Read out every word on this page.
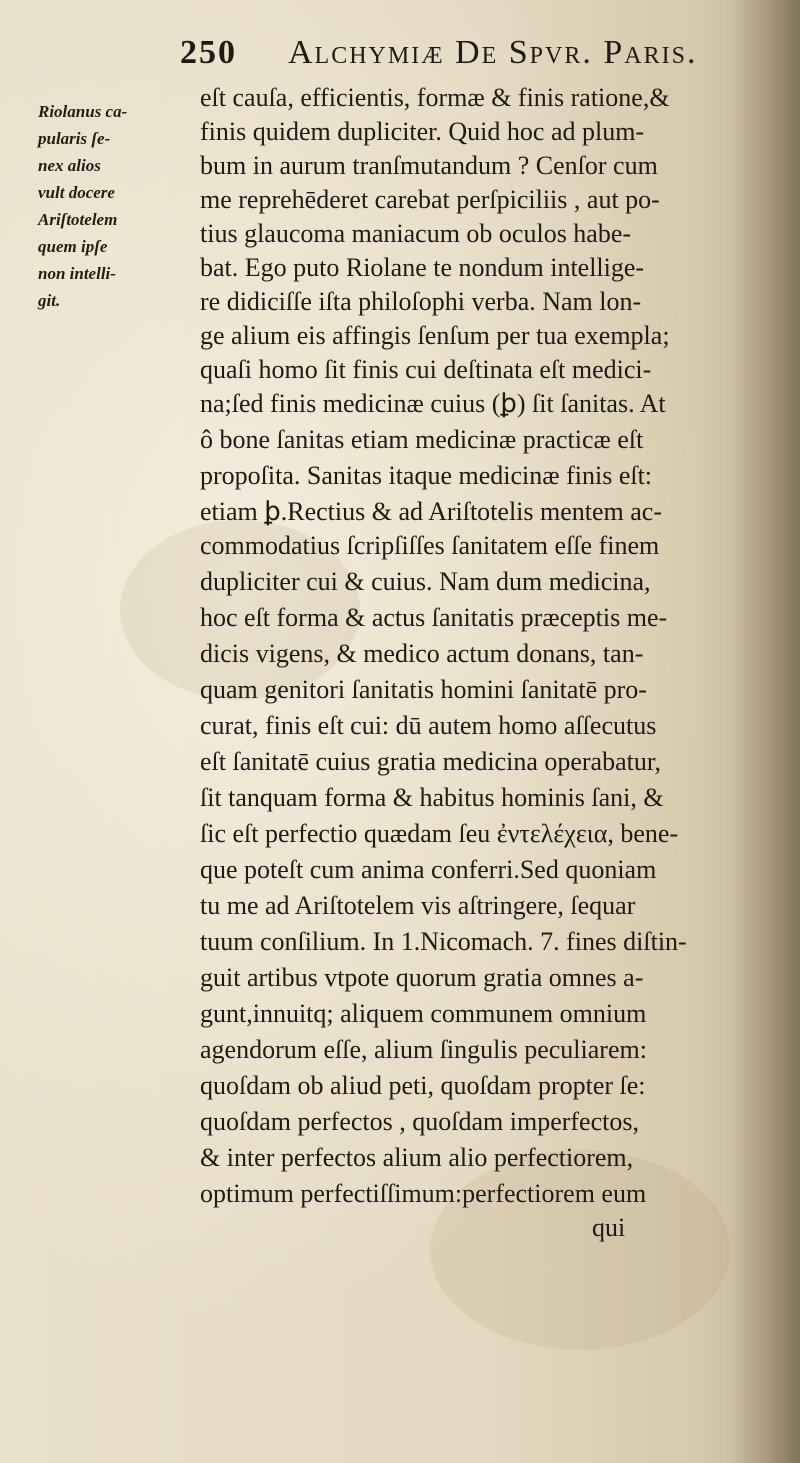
250 Alchymiæ De Spvr. Paris.
Riolanus ca-
pularis ſe-
nex alios
vult docere
Ariſtotelem
quem ipſe
non intelli-
git.
eſt cauſa, efficientis, formæ & finis ratione,&
finis quidem dupliciter. Quid hoc ad plum-
bum in aurum tranſmutandum ? Cenſor cum
me reprehēderet carebat perſpiciliis , aut po-
tius glaucoma maniacum ob oculos habe-
bat. Ego puto Riolane te nondum intellige-
re didiciſſe iſta philoſophi verba. Nam lon-
ge alium eis affingis ſenſum per tua exempla;
quaſi homo ſit finis cui deſtinata eſt medici-
na;ſed finis medicinæ cuius (ꝧ) ſit ſanitas. At
ô bone ſanitas etiam medicinæ practicæ eſt
propoſita. Sanitas itaque medicinæ finis eſt:
etiam ꝧ.Rectius & ad Ariſtotelis mentem ac-
commodatius ſcripſiſſes ſanitatem eſſe finem
dupliciter cui & cuius. Nam dum medicina,
hoc eſt forma & actus ſanitatis præceptis me-
dicis vigens, & medico actum donans, tan-
quam genitori ſanitatis homini ſanitatē pro-
curat, finis eſt cui: dū autem homo aſſecutus
eſt ſanitatē cuius gratia medicina operabatur,
ſit tanquam forma & habitus hominis ſani, &
ſic eſt perfectio quædam ſeu ἐντελέχεια, bene-
que poteſt cum anima conferri.Sed quoniam
tu me ad Ariſtotelem vis aſtringere, ſequar
tuum conſilium. In 1.Nicomach. 7. fines diſtin-
guit artibus vtpote quorum gratia omnes a-
gunt,innuitq; aliquem communem omnium
agendorum eſſe, alium ſingulis peculiarem:
quoſdam ob aliud peti, quoſdam propter ſe:
quoſdam perfectos , quoſdam imperfectos,
& inter perfectos alium alio perfectiorem,
optimum perfectiſſimum:perfectiorem eum
qui
